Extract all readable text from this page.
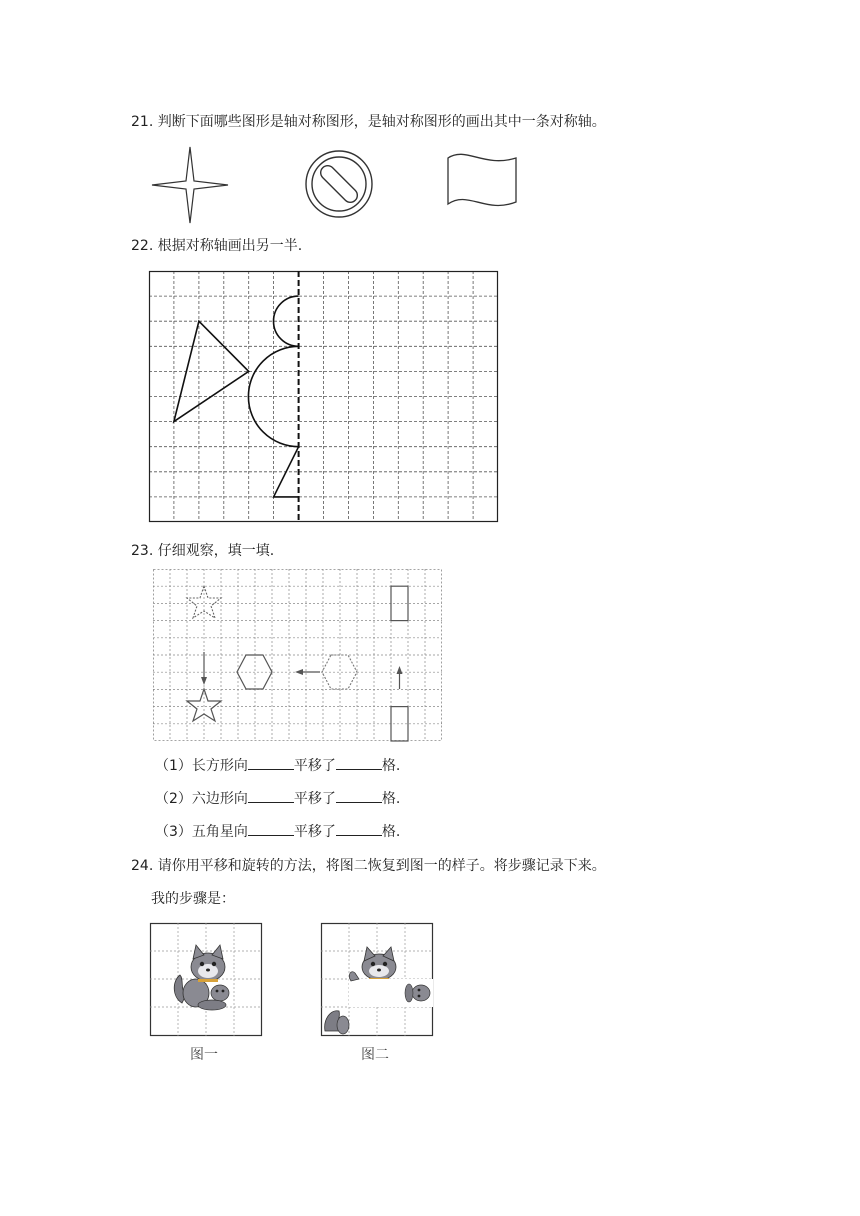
21. 判断下面哪些图形是轴对称图形，是轴对称图形的画出其中一条对称轴。
22. 根据对称轴画出另一半.
23. 仔细观察，填一填.
（1）长方形向	平移了	格.
（2）六边形向	平移了	格.
（3）五角星向	平移了	格.
24. 请你用平移和旋转的方法，将图二恢复到图一的样子。将步骤记录下来。
我的步骤是：
图一	图二
